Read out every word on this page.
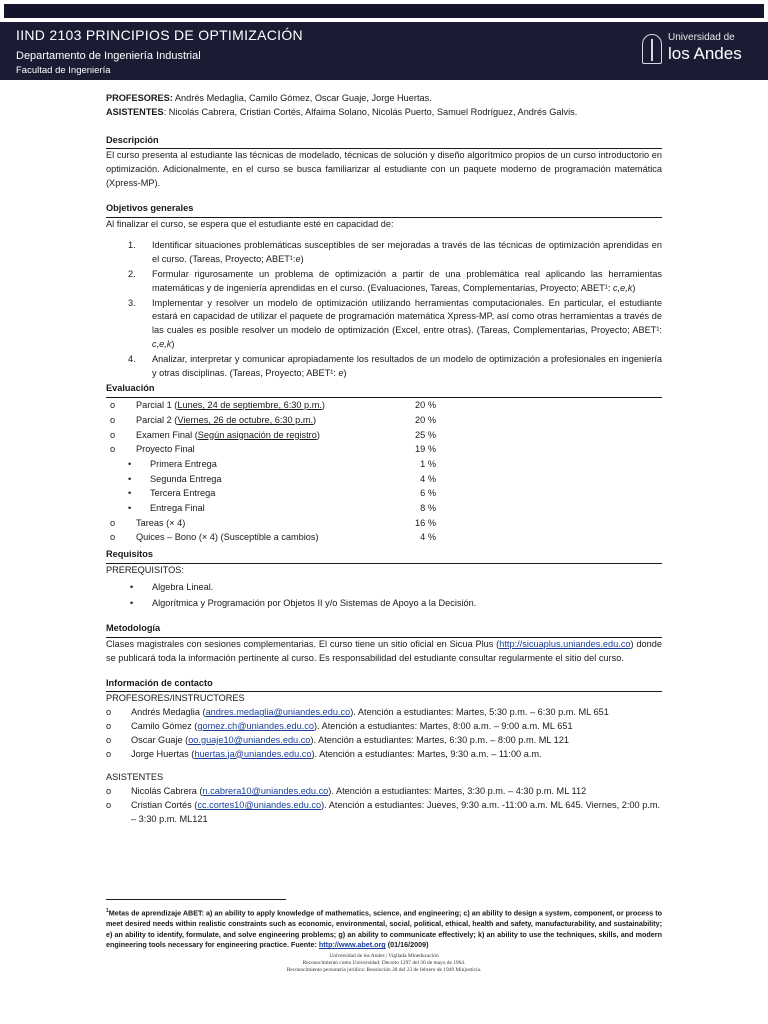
IIND 2103 PRINCIPIOS DE OPTIMIZACIÓN
Departamento de Ingeniería Industrial
Facultad de Ingeniería
Universidad de
los Andes
PROFESORES: Andrés Medaglia, Camilo Gómez, Oscar Guaje, Jorge Huertas.
ASISTENTES: Nicolás Cabrera, Cristian Cortés, Alfaima Solano, Nicolás Puerto, Samuel Rodríguez, Andrés Galvis.
Descripción
El curso presenta al estudiante las técnicas de modelado, técnicas de solución y diseño algorítmico propios de un curso introductorio en optimización. Adicionalmente, en el curso se busca familiarizar al estudiante con un paquete moderno de programación matemática (Xpress-MP).
Objetivos generales
Al finalizar el curso, se espera que el estudiante esté en capacidad de:
1. Identificar situaciones problemáticas susceptibles de ser mejoradas a través de las técnicas de optimización aprendidas en el curso. (Tareas, Proyecto; ABET¹:e)
2. Formular rigurosamente un problema de optimización a partir de una problemática real aplicando las herramientas matemáticas y de ingeniería aprendidas en el curso. (Evaluaciones, Tareas, Complementarias, Proyecto; ABET¹: c,e,k)
3. Implementar y resolver un modelo de optimización utilizando herramientas computacionales. En particular, el estudiante estará en capacidad de utilizar el paquete de programación matemática Xpress-MP, así como otras herramientas a través de las cuales es posible resolver un modelo de optimización (Excel, entre otras). (Tareas, Complementarias, Proyecto; ABET¹: c,e,k)
4. Analizar, interpretar y comunicar apropiadamente los resultados de un modelo de optimización a profesionales en ingeniería y otras disciplinas. (Tareas, Proyecto; ABET¹: e)
Evaluación
o	Parcial 1 (Lunes, 24 de septiembre, 6:30 p.m.)	20 %
o	Parcial 2 (Viernes, 26 de octubre, 6:30 p.m.)	20 %
o	Examen Final (Según asignación de registro)	25 %
o	Proyecto Final	19 %
•	Primera Entrega	1 %
•	Segunda Entrega	4 %
•	Tercera Entrega	6 %
•	Entrega Final	8 %
o	Tareas (× 4)	16 %
o	Quices – Bono (× 4) (Susceptible a cambios)	4 %
Requisitos
PREREQUISITOS:
• Algebra Lineal.
• Algorítmica y Programación por Objetos II y/o Sistemas de Apoyo a la Decisión.
Metodología
Clases magistrales con sesiones complementarias. El curso tiene un sitio oficial en Sicua Plus (http://sicuaplus.uniandes.edu.co) donde se publicará toda la información pertinente al curso. Es responsabilidad del estudiante consultar regularmente el sitio del curso.
Información de contacto
PROFESORES/INSTRUCTORES
o Andrés Medaglia (andres.medaglia@uniandes.edu.co). Atención a estudiantes: Martes, 5:30 p.m. – 6:30 p.m. ML 651
o Camilo Gómez (gomez.ch@uniandes.edu.co). Atención a estudiantes: Martes, 8:00 a.m. – 9:00 a.m. ML 651
o Oscar Guaje (oo.guaje10@uniandes.edu.co). Atención a estudiantes: Martes, 6:30 p.m. – 8:00 p.m. ML 121
o Jorge Huertas (huertas.ja@uniandes.edu.co). Atención a estudiantes: Martes, 9:30 a.m. – 11:00 a.m.
ASISTENTES
o Nicolás Cabrera (n.cabrera10@uniandes.edu.co). Atención a estudiantes: Martes, 3:30 p.m. – 4:30 p.m. ML 112
o Cristian Cortés (cc.cortes10@uniandes.edu.co). Atención a estudiantes: Jueves, 9:30 a.m. -11:00 a.m. ML 645. Viernes, 2:00 p.m. – 3:30 p.m. ML121
$^1$Metas de aprendizaje ABET: a) an ability to apply knowledge of mathematics, science, and engineering; c) an ability to design a system, component, or process to meet desired needs within realistic constraints such as economic, environmental, social, political, ethical, health and safety, manufacturability, and sustainability; e) an ability to identify, formulate, and solve engineering problems; g) an ability to communicate effectively; k) an ability to use the techniques, skills, and modern engineering tools necessary for engineering practice. Fuente: http://www.abet.org (01/16/2009)
Universidad de los Andes | Vigilada Mineducación
Reconocimiento como Universidad: Decreto 1297 del 30 de mayo de 1964.
Reconocimiento personería jurídica: Resolución 28 del 23 de febrero de 1949 Minjusticia.
